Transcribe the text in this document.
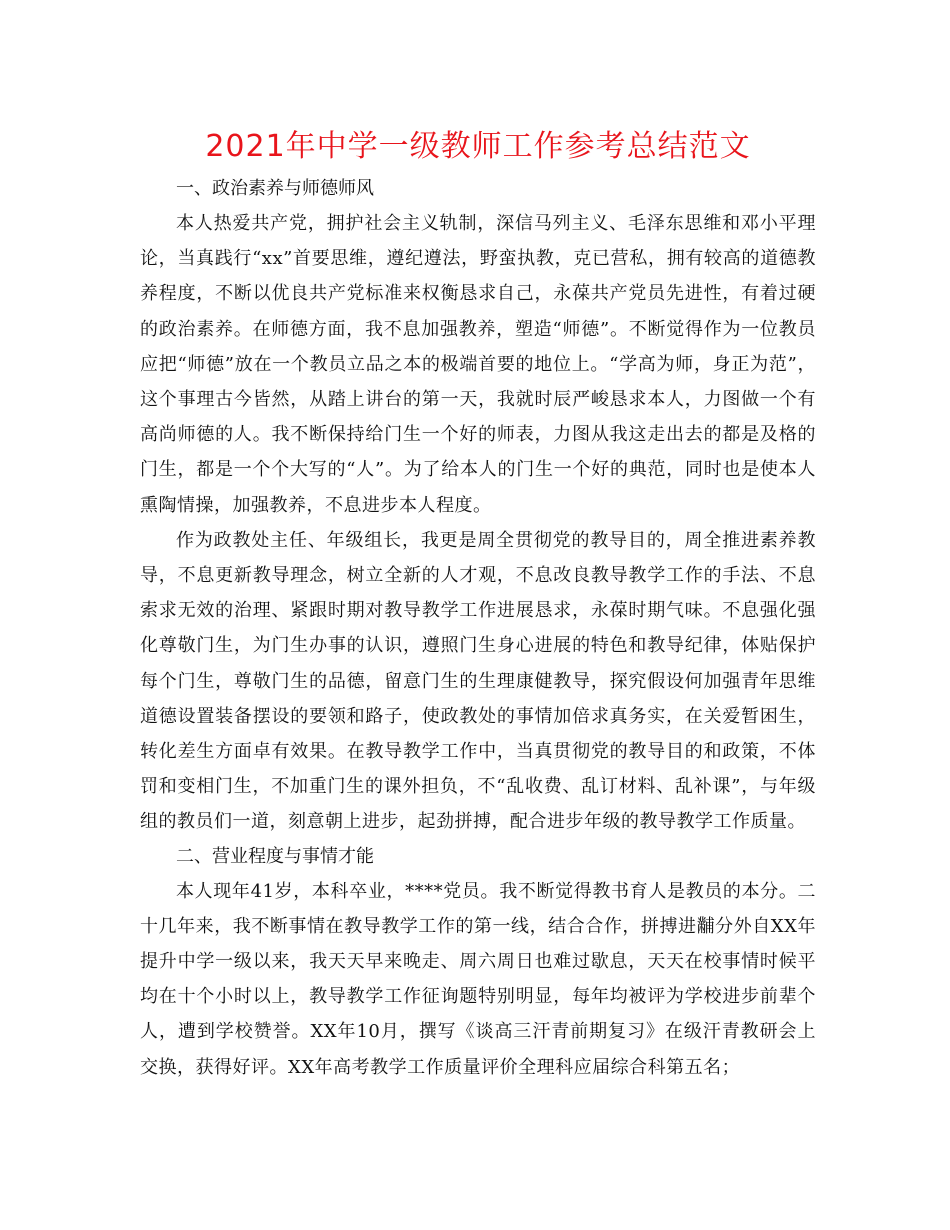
2021年中学一级教师工作参考总结范文
一、政治素养与师德师风

本人热爱共产党，拥护社会主义轨制，深信马列主义、毛泽东思维和邓小平理论，当真践行“xx”首要思维，遵纪遵法，野蛮执教，克已营私，拥有较高的道德教养程度，不断以优良共产党标准来权衡恳求自己，永葆共产党员先进性，有着过硬的政治素养。在师德方面，我不息加强教养，塑造“师德”。不断觉得作为一位教员应把“师德”放在一个教员立品之本的极端首要的地位上。“学高为师，身正为范”，这个事理古今皆然，从踏上讲台的第一天，我就时辰严峻恳求本人，力图做一个有高尚师德的人。我不断保持给门生一个好的师表，力图从我这走出去的都是及格的门生，都是一个个大写的“人”。为了给本人的门生一个好的典范，同时也是使本人熏陶情操，加强教养，不息进步本人程度。

作为政教处主任、年级组长，我更是周全贯彻党的教导目的，周全推进素养教导，不息更新教导理念，树立全新的人才观，不息改良教导教学工作的手法、不息索求无效的治理、紧跟时期对教导教学工作进展恳求，永葆时期气味。不息强化强化尊敬门生，为门生办事的认识，遵照门生身心进展的特色和教导纪律，体贴保护每个门生，尊敬门生的品德，留意门生的生理康健教导，探究假设何加强青年思维道德设置装备摆设的要领和路子，使政教处的事情加倍求真务实，在关爱暂困生，转化差生方面卓有效果。在教导教学工作中，当真贯彻党的教导目的和政策，不体罚和变相门生，不加重门生的课外担负，不“乱收费、乱订材料、乱补课”，与年级组的教员们一道，刻意朝上进步，起劲拼搏，配合进步年级的教导教学工作质量。

二、营业程度与事情才能

本人现年41岁，本科卒业，****党员。我不断觉得教书育人是教员的本分。二十几年来，我不断事情在教导教学工作的第一线，结合合作，拼搏进黼分外自XX年提升中学一级以来，我天天早来晚走、周六周日也难过歇息，天天在校事情时候平均在十个小时以上，教导教学工作征询题特别明显，每年均被评为学校进步前辈个人，遭到学校赞誉。XX年10月，撰写《谈高三汗青前期复习》在级汗青教研会上交换，获得好评。XX年高考教学工作质量评价全理科应届综合科第五名；
